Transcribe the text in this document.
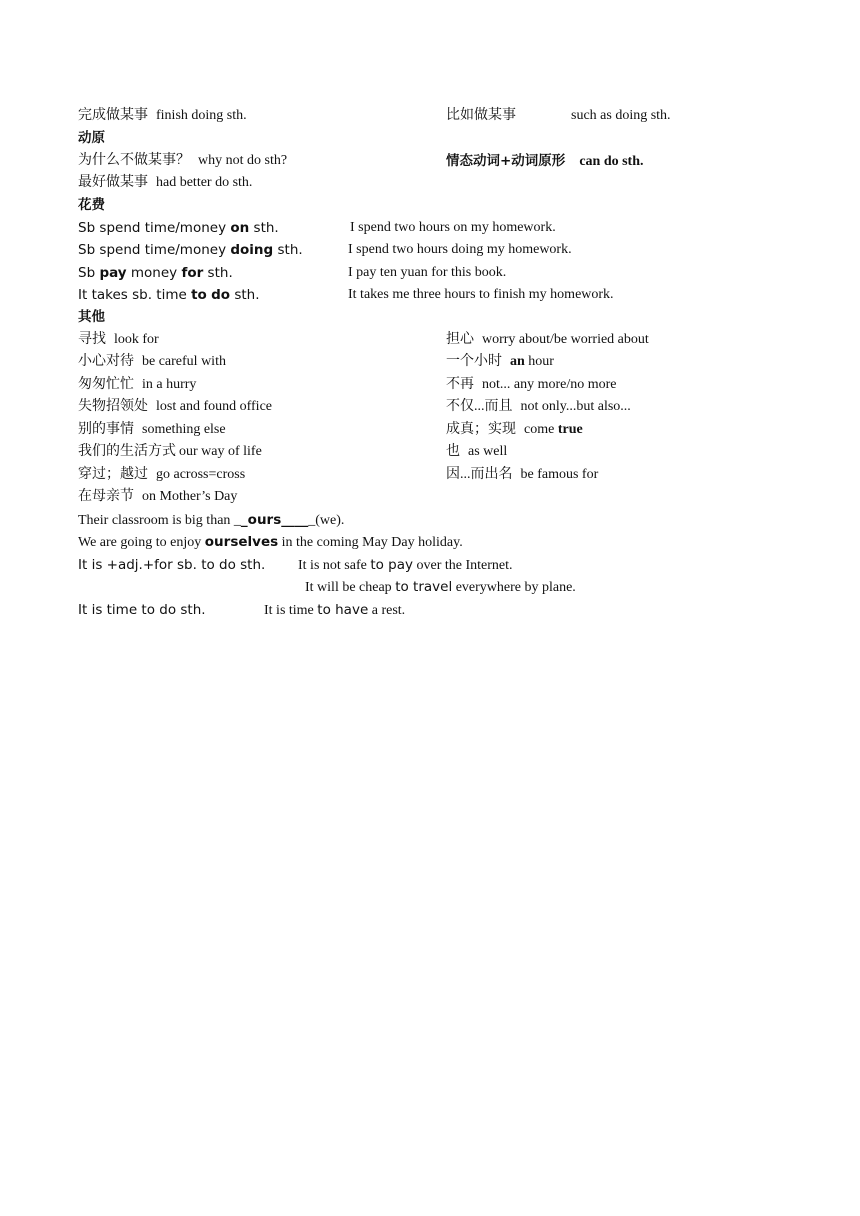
完成做某事 finish doing sth.	比如做某事	such as doing sth.
动原
为什么不做某事？ why not do sth?	情态动词+动词原形 can do sth.
最好做某事 had better do sth.
花费
Sb spend time/money on sth.	I spend two hours on my homework.
Sb spend time/money doing sth.	I spend two hours doing my homework.
Sb pay money for sth.	I pay ten yuan for this book.
It takes sb. time to do sth.	It takes me three hours to finish my homework.
其他
寻找 look for	担心 worry about/be worried about
小心对待 be careful with	一个小时 an hour
匆匆忙忙 in a hurry	不再 not... any more/no more
失物招领处 lost and found office	不仅...而且 not only...but also...
别的事情 something else	成真；实现 come true
我们的生活方式 our way of life	也 as well
穿过；越过 go across=cross	因...而出名 be famous for
在母亲节 on Mother’s Day
Their classroom is big than __ours_____(we).
We are going to enjoy ourselves in the coming May Day holiday.
It is +adj.+for sb. to do sth. It is not safe to pay over the Internet.
It will be cheap to travel everywhere by plane.
It is time to do sth.	It is time to have a rest.
